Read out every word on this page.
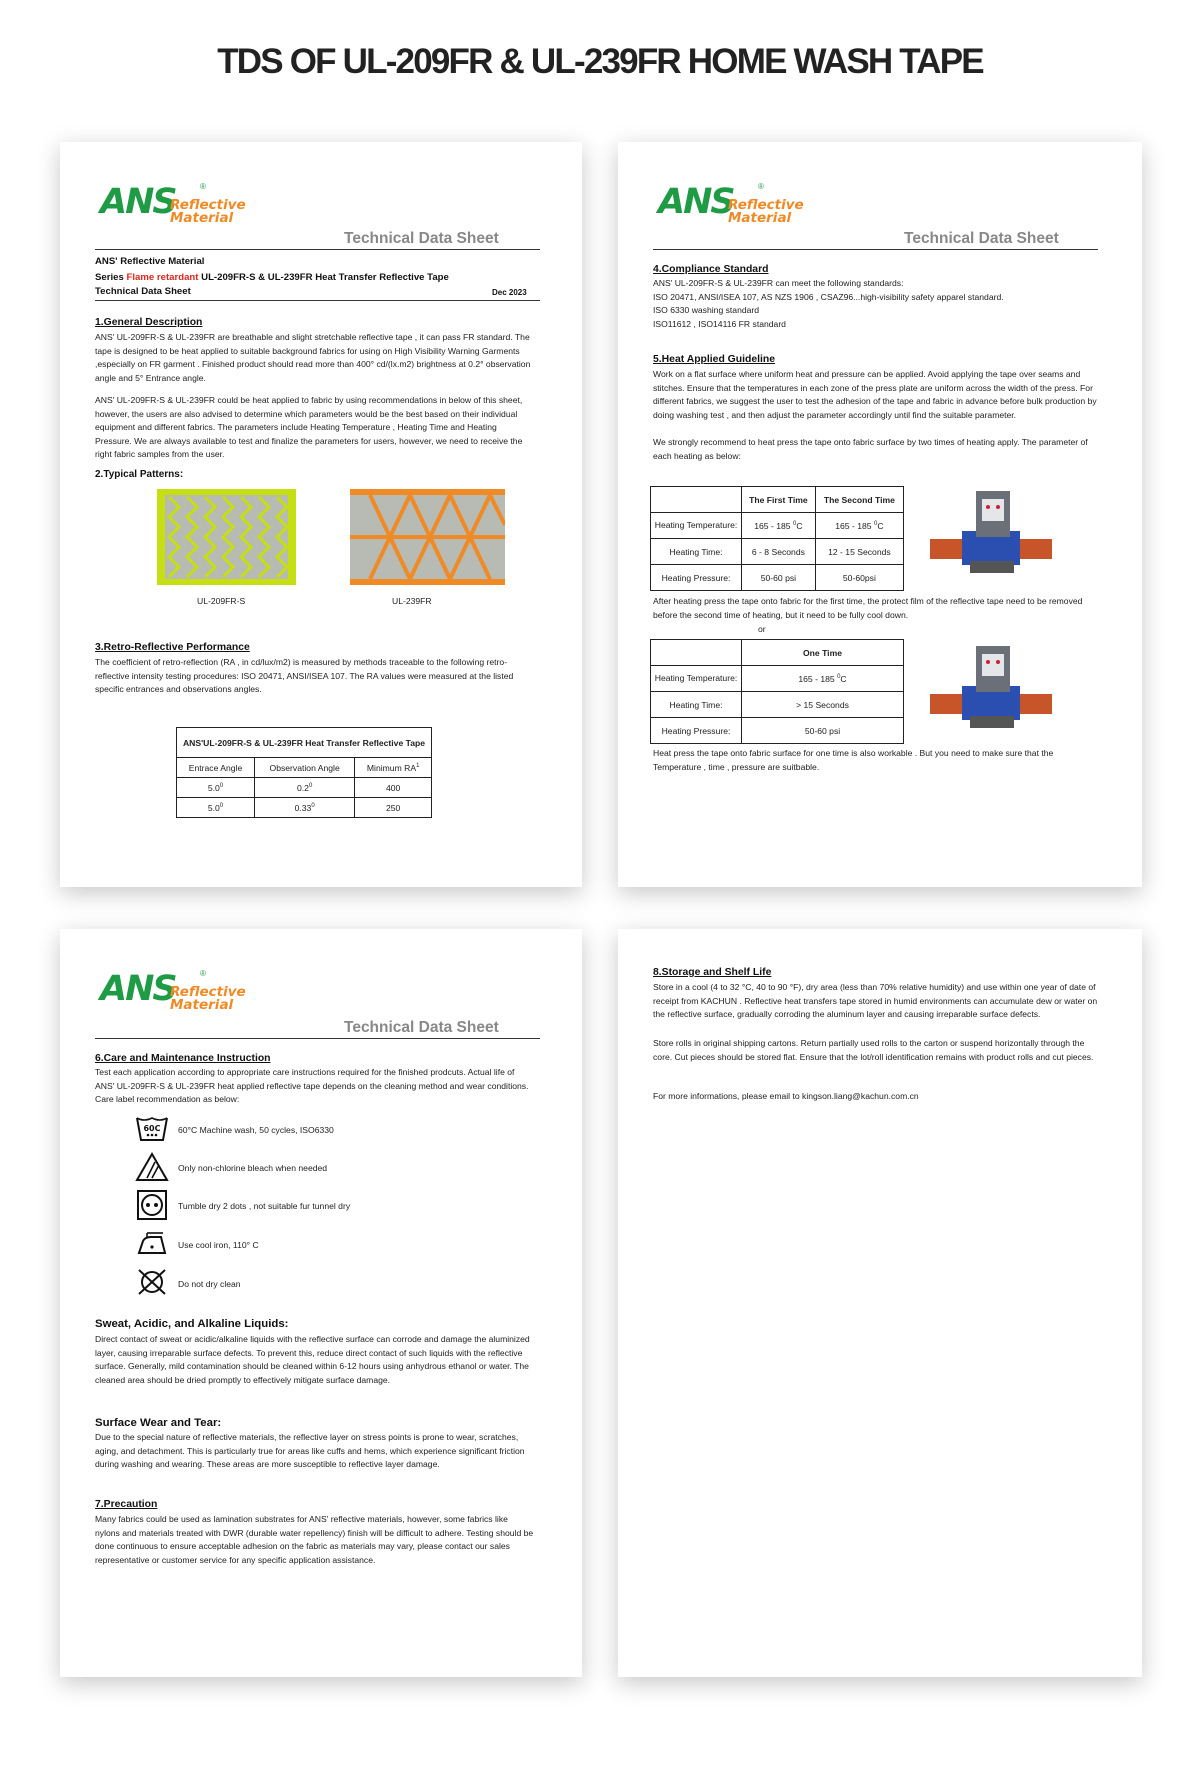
TDS OF UL-209FR & UL-239FR HOME WASH TAPE
ANS	®
Reflective
Material
Technical Data Sheet
ANS' Reflective Material
Series Flame retardant UL-209FR-S & UL-239FR Heat Transfer Reflective Tape
Technical Data Sheet	Dec 2023
1.General Description
ANS' UL-209FR-S & UL-239FR are breathable and slight stretchable reflective tape , it can pass FR standard. The tape is designed to be heat applied to suitable background fabrics for using on High Visibility Warning Garments ,especially on FR garment . Finished product should read more than 400° cd/(lx.m2) brightness at 0.2° observation angle and 5° Entrance angle.
ANS' UL-209FR-S & UL-239FR could be heat applied to fabric by using recommendations in below of this sheet, however, the users are also advised to determine which parameters would be the best based on their individual equipment and different fabrics. The parameters include Heating Temperature , Heating Time and Heating Pressure. We are always available to test and finalize the parameters for users, however, we need to receive the right fabric samples from the user.
2.Typical Patterns:
UL-209FR-S	UL-239FR
3.Retro-Reflective Performance
The coefficient of retro-reflection (RA , in cd/lux/m2) is measured by methods traceable to the following retro-reflective intensity testing procedures: ISO 20471, ANSI/ISEA 107. The RA values were measured at the listed specific entrances and observations angles.
ANS'UL-209FR-S & UL-239FR Heat Transfer Reflective Tape		
Entrace Angle	Observation Angle	Minimum $RA^1$
$5.0^0$	$0.2^0$	400
$5.0^0$	0.33$^0$	250
ANS	®
Reflective
Material
Technical Data Sheet
4.Compliance Standard
ANS' UL-209FR-S & UL-239FR can meet the following standards:
ISO 20471, ANSI/ISEA 107, AS NZS 1906 , CSAZ96...high-visibility safety apparel standard.
ISO 6330 washing standard
ISO11612 , ISO14116 FR standard
5.Heat Applied Guideline
Work on a flat surface where uniform heat and pressure can be applied. Avoid applying the tape over seams and stitches. Ensure that the temperatures in each zone of the press plate are uniform across the width of the press. For different fabrics, we suggest the user to test the adhesion of the tape and fabric in advance before bulk production by doing washing test , and then adjust the parameter accordingly until find the suitable parameter.
We strongly recommend to heat press the tape onto fabric surface by two times of heating apply. The parameter of each heating as below:
	The First Time	The Second Time
Heating Temperature:	165 - 185 $^0$C	165 - 185 $^0$C
Heating Time:	6 - 8 Seconds	12 - 15 Seconds
Heating Pressure:	50-60 psi	50-60psi
After heating press the tape onto fabric for the first time, the protect film of the reflective tape need to be removed before the second time of heating, but it need to be fully cool down.
or
	One Time
Heating Temperature:	165 - 185 $^0$C
Heating Time:	> 15 Seconds
Heating Pressure:	50-60 psi
Heat press the tape onto fabric surface for one time is also workable . But you need to make sure that the Temperature , time , pressure are suitbable.
ANS	®
Reflective
Material
Technical Data Sheet
6.Care and Maintenance Instruction
Test each application according to appropriate care instructions required for the finished prodcuts. Actual life of ANS' UL-209FR-S & UL-239FR heat applied reflective tape depends on the cleaning method and wear conditions. Care label recommendation as below:
60C 60°C Machine wash, 50 cycles, ISO6330
Only non-chlorine bleach when needed
Tumble dry 2 dots , not suitable fur tunnel dry
Use cool iron, 110° C
Do not dry clean
Sweat, Acidic, and Alkaline Liquids:
Direct contact of sweat or acidic/alkaline liquids with the reflective surface can corrode and damage the aluminized layer, causing irreparable surface defects. To prevent this, reduce direct contact of such liquids with the reflective surface. Generally, mild contamination should be cleaned within 6-12 hours using anhydrous ethanol or water. The cleaned area should be dried promptly to effectively mitigate surface damage.
Surface Wear and Tear:
Due to the special nature of reflective materials, the reflective layer on stress points is prone to wear, scratches, aging, and detachment. This is particularly true for areas like cuffs and hems, which experience significant friction during washing and wearing. These areas are more susceptible to reflective layer damage.
7.Precaution
Many fabrics could be used as lamination substrates for ANS' reflective materials, however, some fabrics like nylons and materials treated with DWR (durable water repellency) finish will be difficult to adhere. Testing should be done continuous to ensure acceptable adhesion on the fabric as materials may vary, please contact our sales representative or customer service for any specific application assistance.
8.Storage and Shelf Life
Store in a cool (4 to 32 °C, 40 to 90 °F), dry area (less than 70% relative humidity) and use within one year of date of receipt from KACHUN . Reflective heat transfers tape stored in humid environments can accumulate dew or water on the reflective surface, gradually corroding the aluminum layer and causing irreparable surface defects.
Store rolls in original shipping cartons. Return partially used rolls to the carton or suspend horizontally through the core. Cut pieces should be stored flat. Ensure that the lot/roll identification remains with product rolls and cut pieces.
For more informations, please email to kingson.liang@kachun.com.cn
